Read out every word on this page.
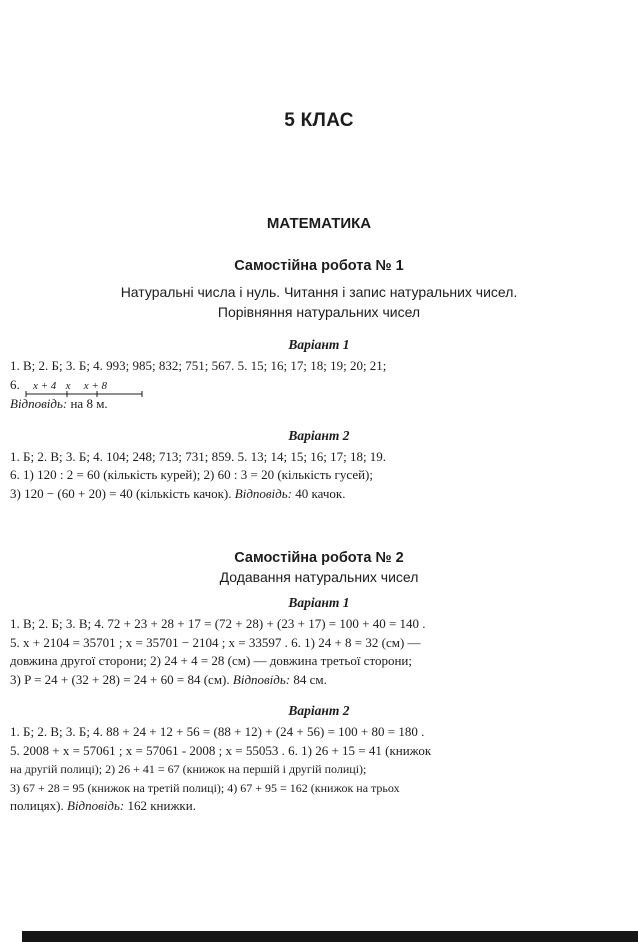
5 КЛАС
МАТЕМАТИКА
Самостійна робота № 1
Натуральні числа і нуль. Читання і запис натуральних чисел.
Порівняння натуральних чисел
Варіант 1

1. В; 2. Б; 3. Б; 4. 993; 985; 832; 751; 567. 5. 15; 16; 17; 18; 19; 20; 21;

6. x + 4 x x + 8

Відповідь: на 8 м.

Варіант 2

1. Б; 2. В; 3. Б; 4. 104; 248; 713; 731; 859. 5. 13; 14; 15; 16; 17; 18; 19.

6. 1) 120 : 2 = 60 (кількість курей); 2) 60 : 3 = 20 (кількість гусей);

3) 120 − (60 + 20) = 40 (кількість качок). Відповідь: 40 качок.

Самостійна робота № 2
Додавання натуральних чисел
Варіант 1

1. В; 2. Б; 3. В; 4. 72 + 23 + 28 + 17 = (72 + 28) + (23 + 17) = 100 + 40 = 140 .

5. x + 2104 = 35701 ; x = 35701 − 2104 ; x = 33597 . 6. 1) 24 + 8 = 32 (см) —

довжина другої сторони; 2) 24 + 4 = 28 (см) — довжина третьої сторони;

3) P = 24 + (32 + 28) = 24 + 60 = 84 (см). Відповідь: 84 см.

Варіант 2

1. Б; 2. В; 3. Б; 4. 88 + 24 + 12 + 56 = (88 + 12) + (24 + 56) = 100 + 80 = 180 .

5. 2008 + x = 57061 ; x = 57061 - 2008 ; x = 55053 . 6. 1) 26 + 15 = 41 (книжок

на другій полиці); 2) 26 + 41 = 67 (книжок на першій і другій полиці);

3) 67 + 28 = 95 (книжок на третій полиці); 4) 67 + 95 = 162 (книжок на трьох

полицях). Відповідь: 162 книжки.
